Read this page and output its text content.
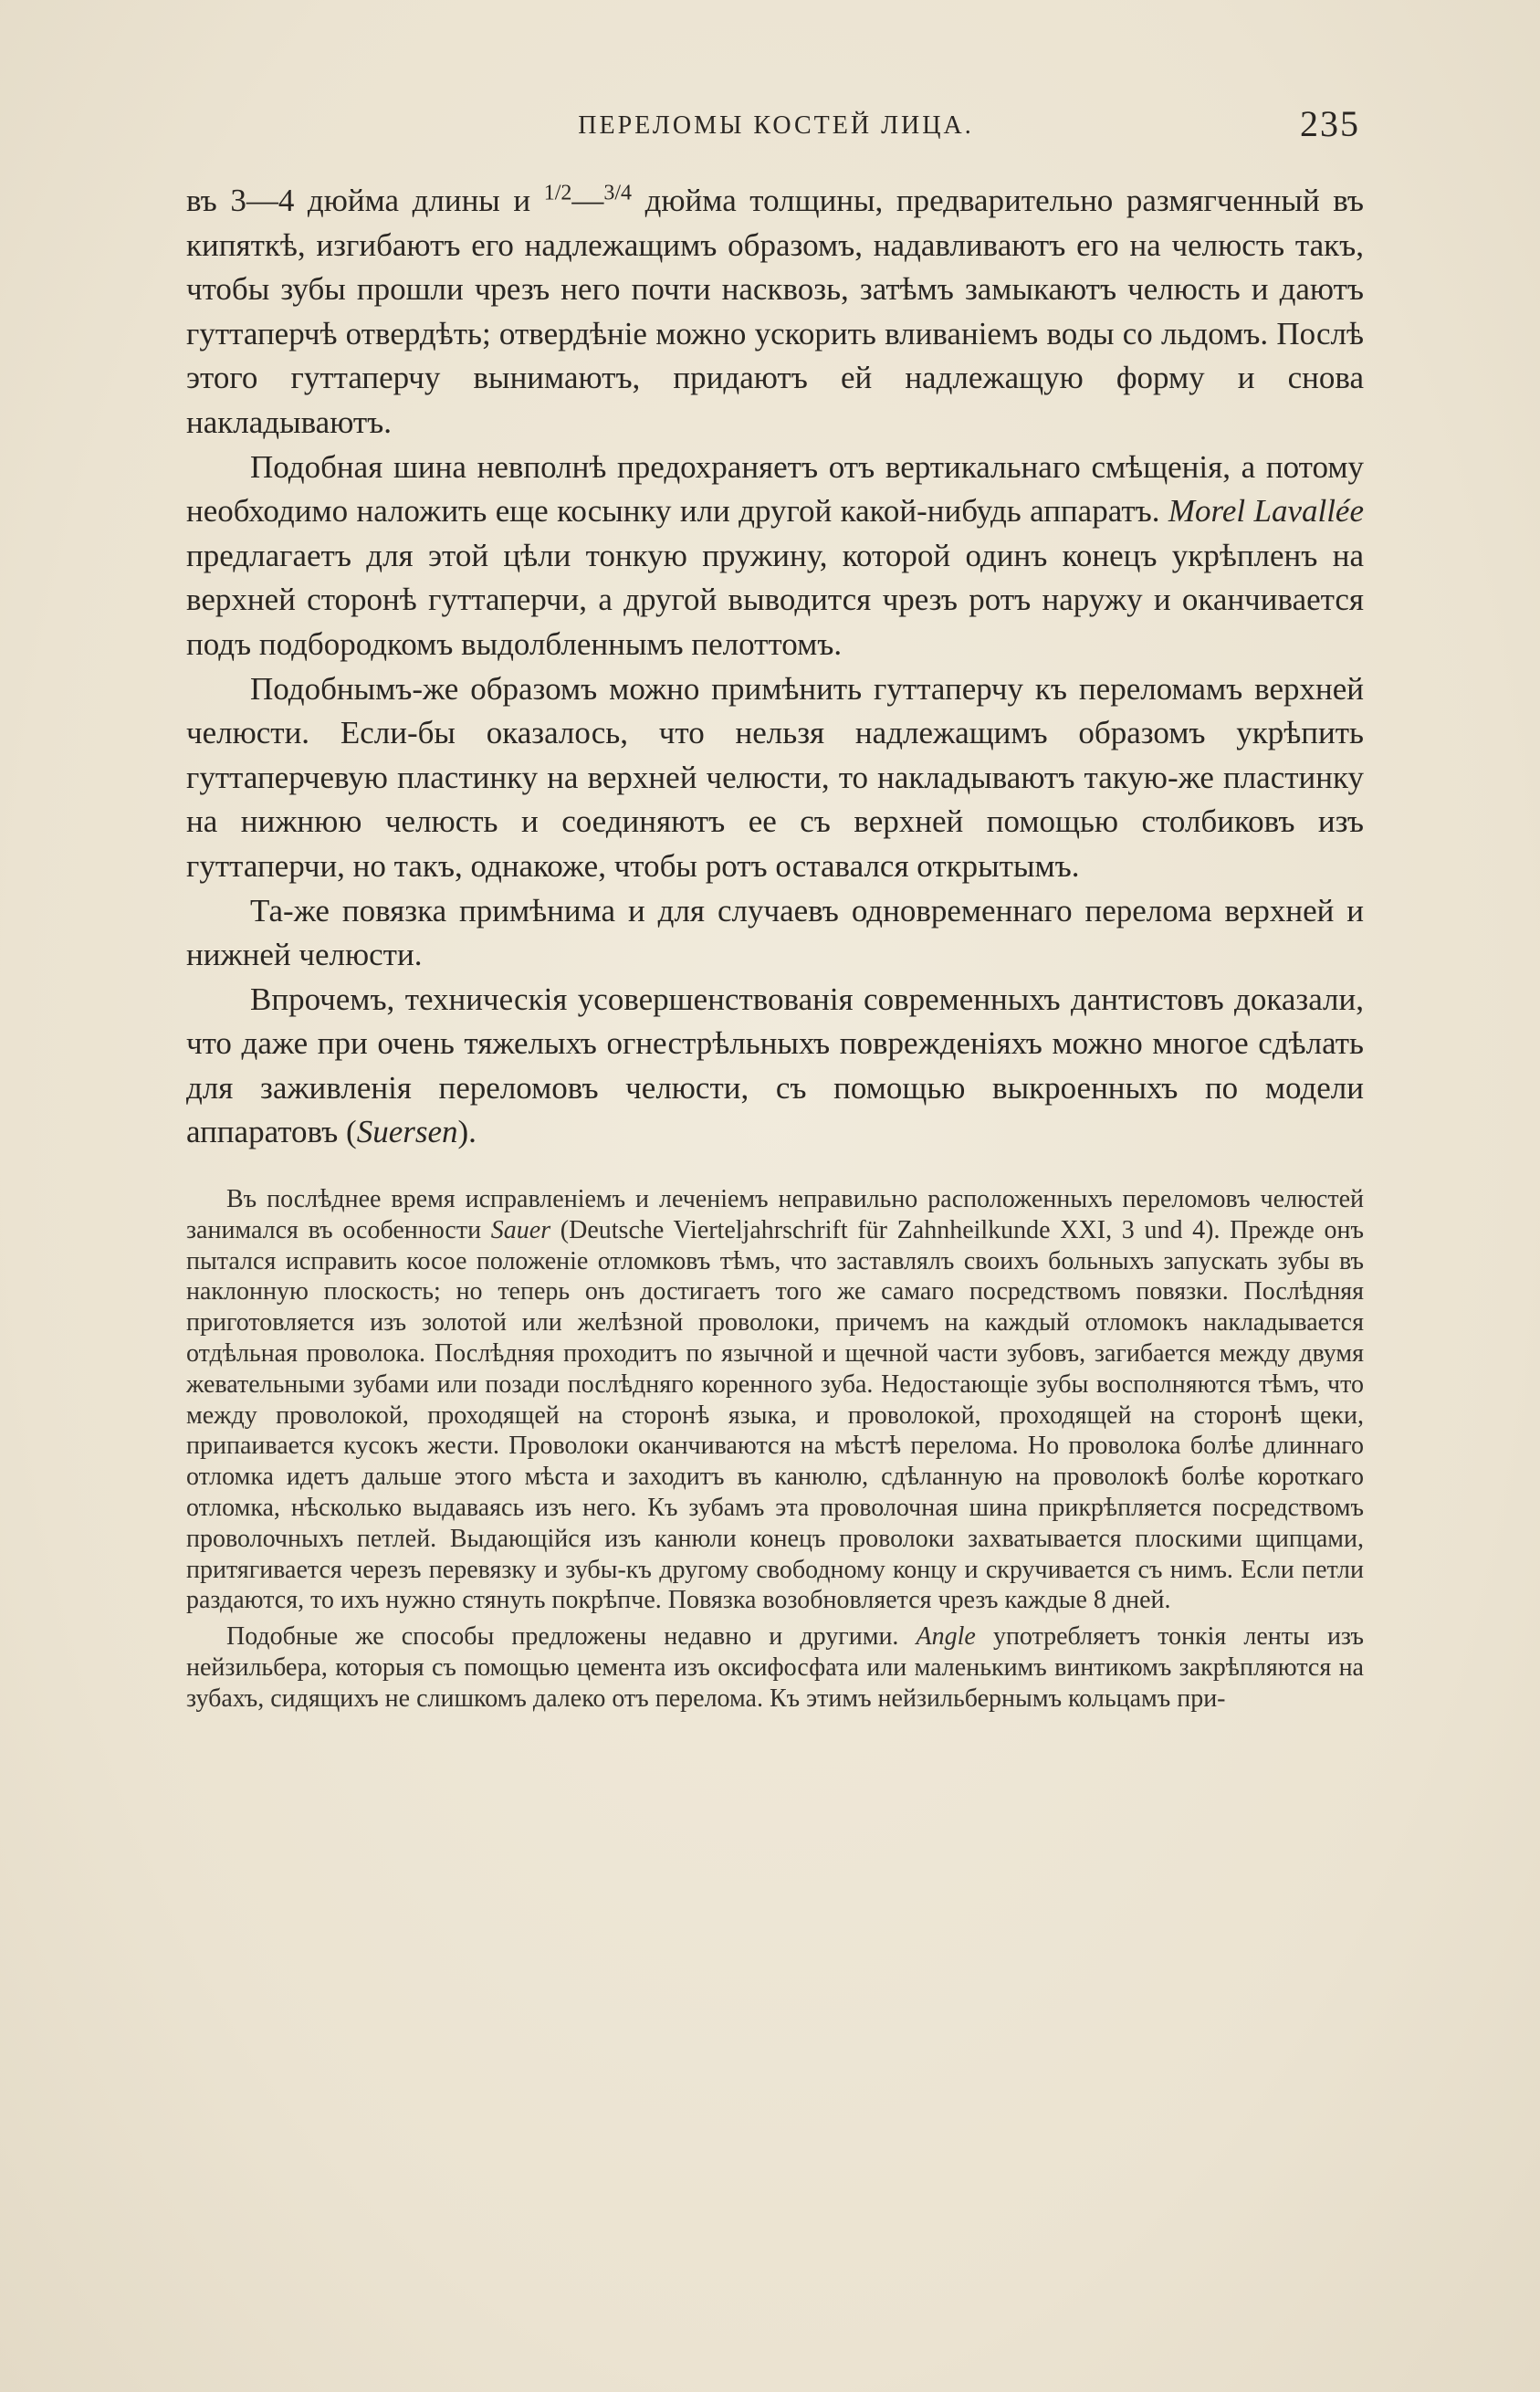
ПЕРЕЛОМЫ КОСТЕЙ ЛИЦА.	235

въ 3—4 дюйма длины и $^{1/2}$—$^{3/4}$ дюйма толщины, предварительно размягченный въ кипяткѣ, изгибаютъ его надлежащимъ образомъ, надавливаютъ его на челюсть такъ, чтобы зубы прошли чрезъ него почти насквозь, затѣмъ замыкаютъ челюсть и даютъ гуттаперчѣ отвердѣть; отвердѣніе можно ускорить вливаніемъ воды со льдомъ. Послѣ этого гуттаперчу вынимаютъ, придаютъ ей надлежащую форму и снова накладываютъ.

Подобная шина невполнѣ предохраняетъ отъ вертикальнаго смѣщенія, а потому необходимо наложить еще косынку или другой какой-нибудь аппаратъ. Morel Lavallée предлагаетъ для этой цѣли тонкую пружину, которой одинъ конецъ укрѣпленъ на верхней сторонѣ гуттаперчи, а другой выводится чрезъ ротъ наружу и оканчивается подъ подбородкомъ выдолбленнымъ пелоттомъ.

Подобнымъ-же образомъ можно примѣнить гуттаперчу къ переломамъ верхней челюсти. Если-бы оказалось, что нельзя надлежащимъ образомъ укрѣпить гуттаперчевую пластинку на верхней челюсти, то накладываютъ такую-же пластинку на нижнюю челюсть и соединяютъ ее съ верхней помощью столбиковъ изъ гуттаперчи, но такъ, однакоже, чтобы ротъ оставался открытымъ.

Та-же повязка примѣнима и для случаевъ одновременнаго перелома верхней и нижней челюсти.

Впрочемъ, техническія усовершенствованія современныхъ дантистовъ доказали, что даже при очень тяжелыхъ огнестрѣльныхъ поврежденіяхъ можно многое сдѣлать для заживленія переломовъ челюсти, съ помощью выкроенныхъ по модели аппаратовъ (Suersen).

Въ послѣднее время исправленіемъ и леченіемъ неправильно расположенныхъ переломовъ челюстей занимался въ особенности Sauer (Deutsche Vierteljahrschrift für Zahnheilkunde XXI, 3 und 4). Прежде онъ пытался исправить косое положеніе отломковъ тѣмъ, что заставлялъ своихъ больныхъ запускать зубы въ наклонную плоскость; но теперь онъ достигаетъ того же самаго посредствомъ повязки. Послѣдняя приготовляется изъ золотой или желѣзной проволоки, причемъ на каждый отломокъ накладывается отдѣльная проволока. Послѣдняя проходитъ по язычной и щечной части зубовъ, загибается между двумя жевательными зубами или позади послѣдняго коренного зуба. Недостающіе зубы восполняются тѣмъ, что между проволокой, проходящей на сторонѣ языка, и проволокой, проходящей на сторонѣ щеки, припаивается кусокъ жести. Проволоки оканчиваются на мѣстѣ перелома. Но проволока болѣе длиннаго отломка идетъ дальше этого мѣста и заходитъ въ канюлю, сдѣланную на проволокѣ болѣе короткаго отломка, нѣсколько выдаваясь изъ него. Къ зубамъ эта проволочная шина прикрѣпляется посредствомъ проволочныхъ петлей. Выдающійся изъ канюли конецъ проволоки захватывается плоскими щипцами, притягивается черезъ перевязку и зубы-къ другому свободному концу и скручивается съ нимъ. Если петли раздаются, то ихъ нужно стянуть покрѣпче. Повязка возобновляется чрезъ каждые 8 дней.

Подобные же способы предложены недавно и другими. Angle употребляетъ тонкія ленты изъ нейзильбера, которыя съ помощью цемента изъ оксифосфата или маленькимъ винтикомъ закрѣпляются на зубахъ, сидящихъ не слишкомъ далеко отъ перелома. Къ этимъ нейзильбернымъ кольцамъ при-
